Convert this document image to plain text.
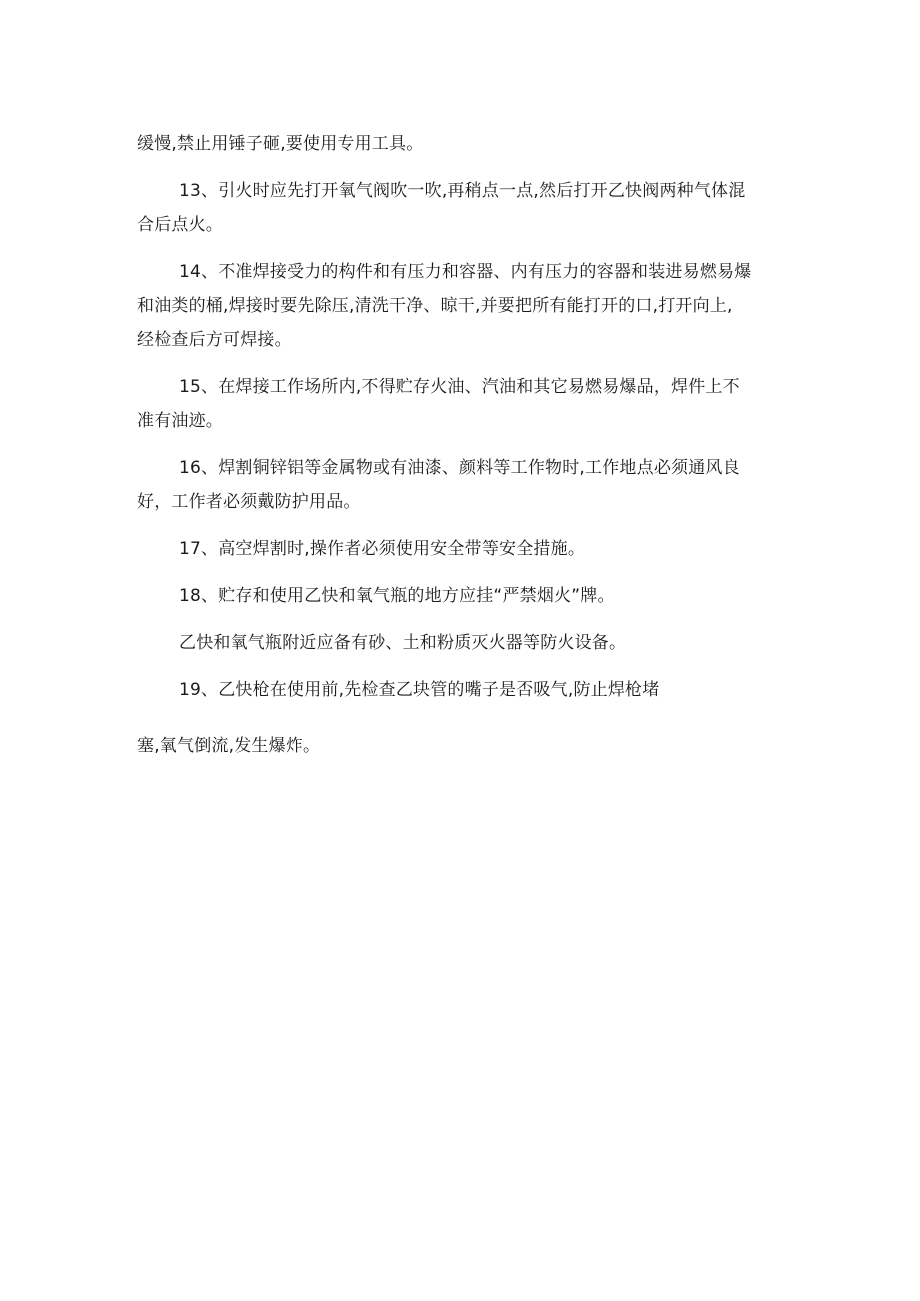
缓慢,禁止用锤子砸,要使用专用工具。
13、引火时应先打开氧气阀吹一吹,再稍点一点,然后打开乙快阀两种气体混
合后点火。
14、不准焊接受力的构件和有压力和容器、内有压力的容器和装进易燃易爆
和油类的桶,焊接时要先除压,清洗干净、晾干,并要把所有能打开的口,打开向上,
经检查后方可焊接。
15、在焊接工作场所内,不得贮存火油、汽油和其它易燃易爆品，焊件上不
准有油迹。
16、焊割铜锌铝等金属物或有油漆、颜料等工作物时,工作地点必须通风良
好，工作者必须戴防护用品。
17、高空焊割时,操作者必须使用安全带等安全措施。
18、贮存和使用乙快和氧气瓶的地方应挂“严禁烟火”牌。
乙快和氧气瓶附近应备有砂、土和粉质灭火器等防火设备。
19、乙快枪在使用前,先检查乙块管的嘴子是否吸气,防止焊枪堵
塞,氧气倒流,发生爆炸。
